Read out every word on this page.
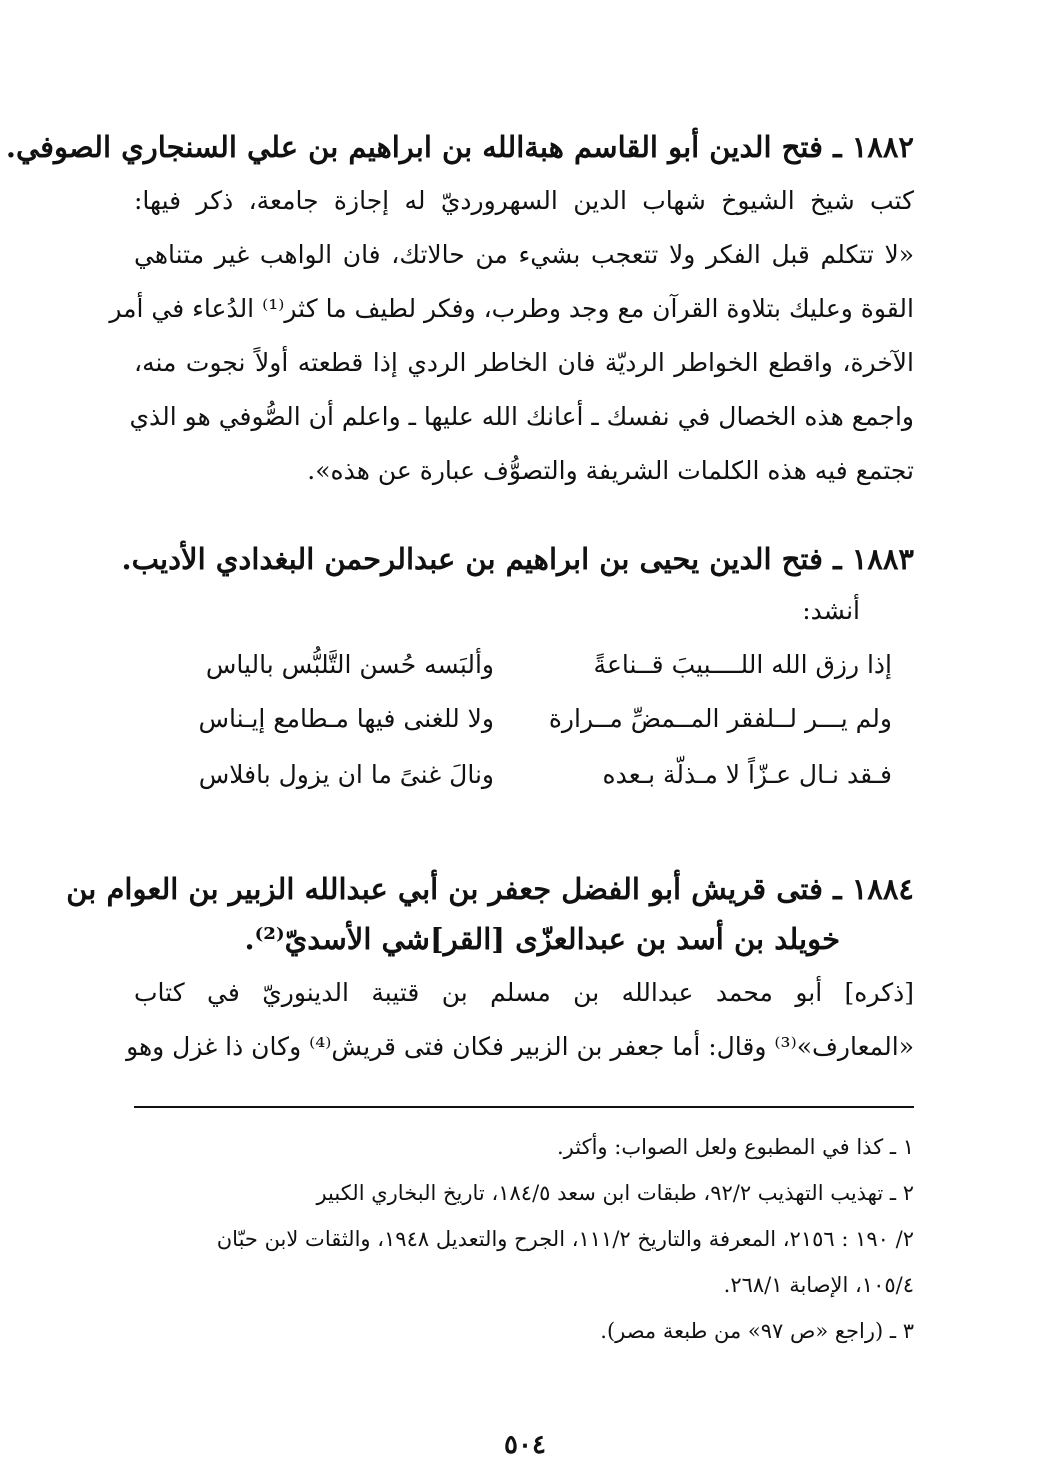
١٨٨٢ ـ فتح الدين أبو القاسم هبةالله بن ابراهيم بن علي السنجاري الصوفي.
كتب شيخ الشيوخ شهاب الدين السهرورديّ له إجازة جامعة، ذكر فيها:
«لا تتكلم قبل الفكر ولا تتعجب بشيء من حالاتك، فان الواهب غير متناهي
القوة وعليك بتلاوة القرآن مع وجد وطرب، وفكر لطيف ما كثر⁽¹⁾ الدُعاء في أمر
الآخرة، واقطع الخواطر الرديّة فان الخاطر الردي إذا قطعته أولاً نجوت منه،
واجمع هذه الخصال في نفسك ـ أعانك الله عليها ـ واعلم أن الصُّوفي هو الذي
تجتمع فيه هذه الكلمات الشريفة والتصوُّف عبارة عن هذه».
١٨٨٣ ـ فتح الدين يحيى بن ابراهيم بن عبدالرحمن البغدادي الأديب.
أنشد:
إذا رزق الله اللــــبيبَ قــناعةً
وألبَسه حُسن التَّلبُّس بالياس
ولم يـــر لــلفقر المــمضِّ مــرارة
ولا للغنى فيها مـطامع إيـناس
فـقد نـال عـزّاً لا مـذلّة بـعده
ونالَ غنىً ما ان يزول بافلاس
١٨٨٤ ـ فتى قريش أبو الفضل جعفر بن أبي عبدالله الزبير بن العوام بن
خويلد بن أسد بن عبدالعزّى [القر]شي الأسديّ⁽²⁾.
[ذكره] أبو محمد عبدالله بن مسلم بن قتيبة الدينوريّ في كتاب
«المعارف»⁽³⁾ وقال: أما جعفر بن الزبير فكان فتى قريش⁽⁴⁾ وكان ذا غزل وهو
١ ـ كذا في المطبوع ولعل الصواب: وأكثر.
٢ ـ تهذيب التهذيب ٩٢/٢، طبقات ابن سعد ١٨٤/٥، تاريخ البخاري الكبير
٢/ ١٩٠ : ٢١٥٦، المعرفة والتاريخ ١١١/٢، الجرح والتعديل ١٩٤٨، والثقات لابن حبّان
١٠٥/٤، الإصابة ٢٦٨/١.
٣ ـ (راجع «ص ٩٧» من طبعة مصر).
٥٠٤
